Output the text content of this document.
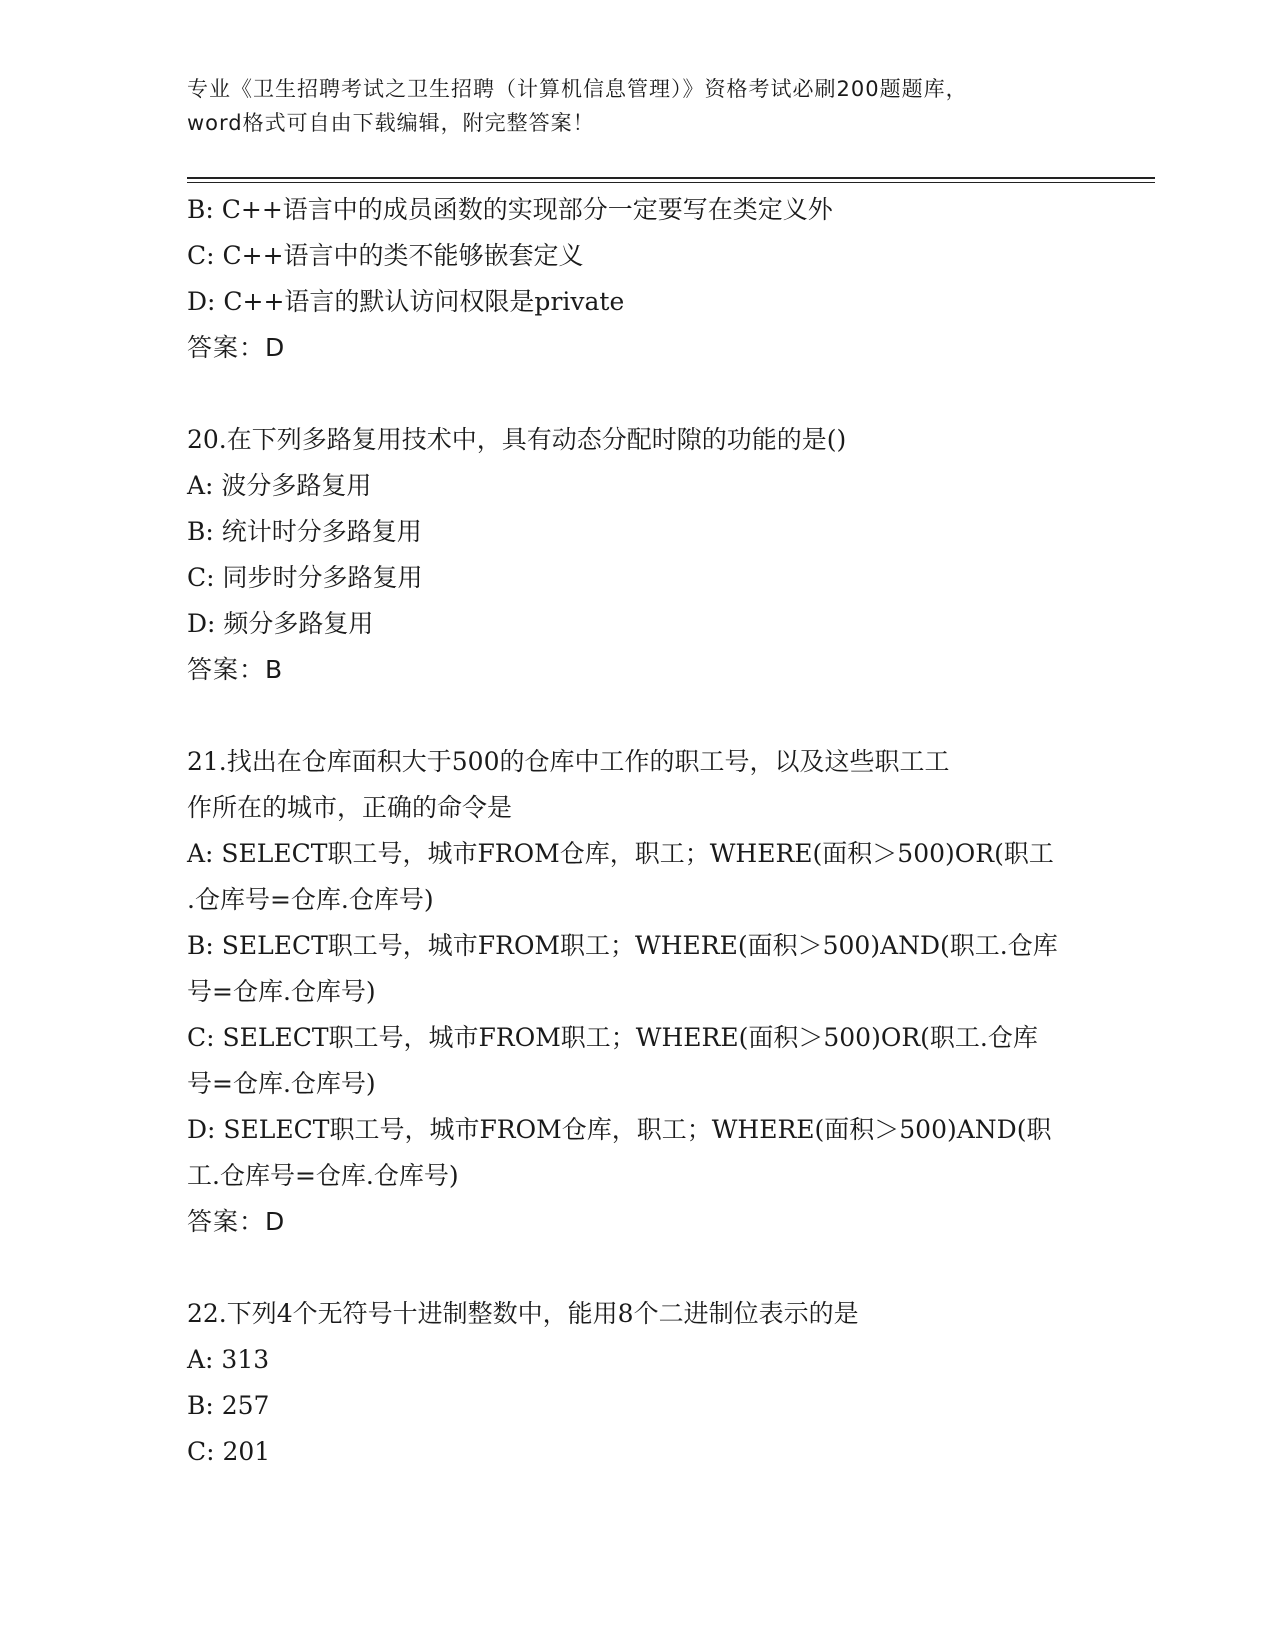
专业《卫生招聘考试之卫生招聘（计算机信息管理）》资格考试必刷200题题库，
word格式可自由下载编辑，附完整答案！
B: C++语言中的成员函数的实现部分一定要写在类定义外
C: C++语言中的类不能够嵌套定义
D: C++语言的默认访问权限是private
答案：D
20.在下列多路复用技术中，具有动态分配时隙的功能的是()
A: 波分多路复用
B: 统计时分多路复用
C: 同步时分多路复用
D: 频分多路复用
答案：B
21.找出在仓库面积大于500的仓库中工作的职工号，以及这些职工工
作所在的城市，正确的命令是
A: SELECT职工号，城市FROM仓库，职工；WHERE(面积＞500)OR(职工
.仓库号=仓库.仓库号)
B: SELECT职工号，城市FROM职工；WHERE(面积＞500)AND(职工.仓库
号=仓库.仓库号)
C: SELECT职工号，城市FROM职工；WHERE(面积＞500)OR(职工.仓库
号=仓库.仓库号)
D: SELECT职工号，城市FROM仓库，职工；WHERE(面积＞500)AND(职
工.仓库号=仓库.仓库号)
答案：D
22.下列4个无符号十进制整数中，能用8个二进制位表示的是
A: 313
B: 257
C: 201
